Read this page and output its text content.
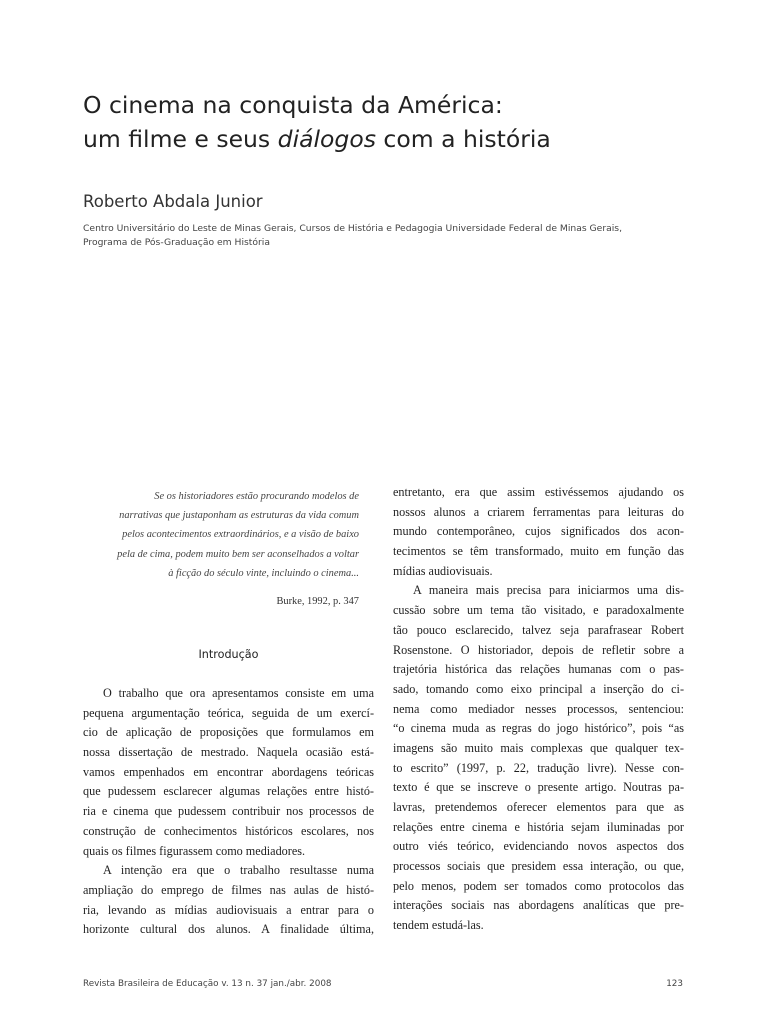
O cinema na conquista da América:
um filme e seus diálogos com a história
Roberto Abdala Junior
Centro Universitário do Leste de Minas Gerais, Cursos de História e Pedagogia Universidade Federal de Minas Gerais,
Programa de Pós-Graduação em História
Se os historiadores estão procurando modelos de
narrativas que justaponham as estruturas da vida comum
pelos acontecimentos extraordinários, e a visão de baixo
pela de cima, podem muito bem ser aconselhados a voltar
à ficção do século vinte, incluindo o cinema...
Burke, 1992, p. 347
Introdução
O trabalho que ora apresentamos consiste em uma
pequena argumentação teórica, seguida de um exercí-
cio de aplicação de proposições que formulamos em
nossa dissertação de mestrado. Naquela ocasião está-
vamos empenhados em encontrar abordagens teóricas
que pudessem esclarecer algumas relações entre histó-
ria e cinema que pudessem contribuir nos processos de
construção de conhecimentos históricos escolares, nos
quais os filmes figurassem como mediadores.
A intenção era que o trabalho resultasse numa
ampliação do emprego de filmes nas aulas de histó-
ria, levando as mídias audiovisuais a entrar para o
horizonte cultural dos alunos. A finalidade última,
entretanto, era que assim estivéssemos ajudando os
nossos alunos a criarem ferramentas para leituras do
mundo contemporâneo, cujos significados dos acon-
tecimentos se têm transformado, muito em função das
mídias audiovisuais.
A maneira mais precisa para iniciarmos uma dis-
cussão sobre um tema tão visitado, e paradoxalmente
tão pouco esclarecido, talvez seja parafrasear Robert
Rosenstone. O historiador, depois de refletir sobre a
trajetória histórica das relações humanas com o pas-
sado, tomando como eixo principal a inserção do ci-
nema como mediador nesses processos, sentenciou:
“o cinema muda as regras do jogo histórico”, pois “as
imagens são muito mais complexas que qualquer tex-
to escrito” (1997, p. 22, tradução livre). Nesse con-
texto é que se inscreve o presente artigo. Noutras pa-
lavras, pretendemos oferecer elementos para que as
relações entre cinema e história sejam iluminadas por
outro viés teórico, evidenciando novos aspectos dos
processos sociais que presidem essa interação, ou que,
pelo menos, podem ser tomados como protocolos das
interações sociais nas abordagens analíticas que pre-
tendem estudá-las.
Revista Brasileira de Educação v. 13 n. 37 jan./abr. 2008	123
